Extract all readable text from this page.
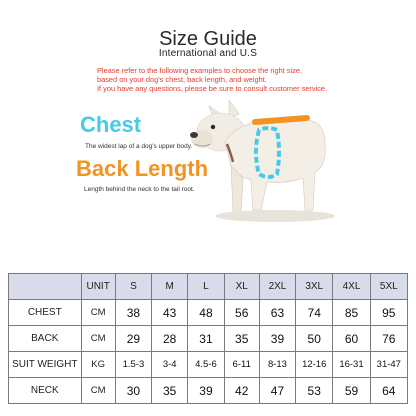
Size Guide
International and U.S
Please refer to the following examples to choose the right size,
based on your dog's chest, back length, and weight.
If you have any questions, please be sure to consult customer service.
Chest
The widest lap of a dog's upper body.
Back Length
Length behind the neck to the tail root.
	UNIT	S	M	L	XL	2XL	3XL	4XL	5XL
CHEST	CM	38	43	48	56	63	74	85	95
BACK	CM	29	28	31	35	39	50	60	76
SUIT WEIGHT	KG	1.5-3	3-4	4.5-6	6-11	8-13	12-16	16-31	31-47
NECK	CM	30	35	39	42	47	53	59	64
